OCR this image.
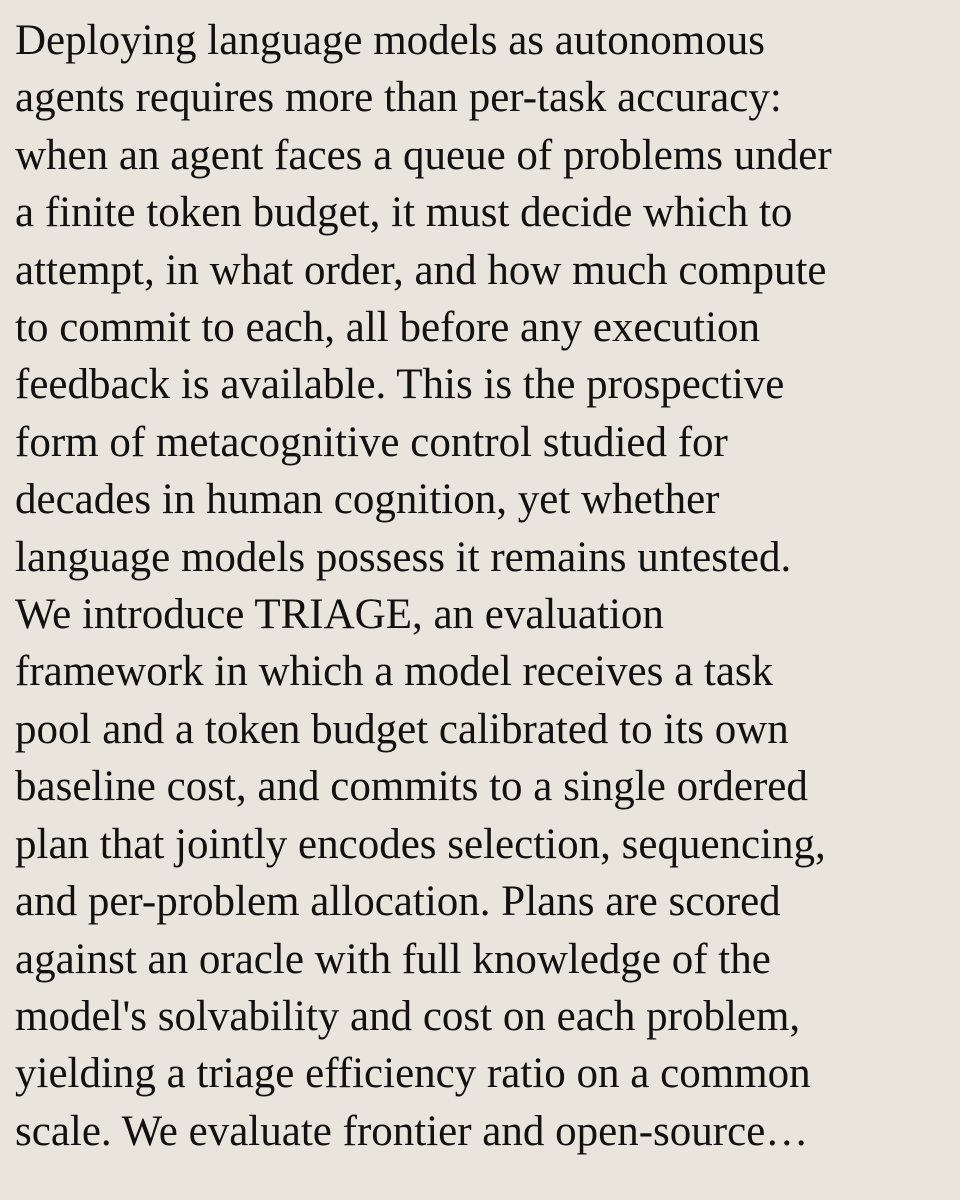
Deploying language models as autonomous
agents requires more than per-task accuracy:
when an agent faces a queue of problems under
a finite token budget, it must decide which to
attempt, in what order, and how much compute
to commit to each, all before any execution
feedback is available. This is the prospective
form of metacognitive control studied for
decades in human cognition, yet whether
language models possess it remains untested.
We introduce TRIAGE, an evaluation
framework in which a model receives a task
pool and a token budget calibrated to its own
baseline cost, and commits to a single ordered
plan that jointly encodes selection, sequencing,
and per-problem allocation. Plans are scored
against an oracle with full knowledge of the
model's solvability and cost on each problem,
yielding a triage efficiency ratio on a common
scale. We evaluate frontier and open-source…
